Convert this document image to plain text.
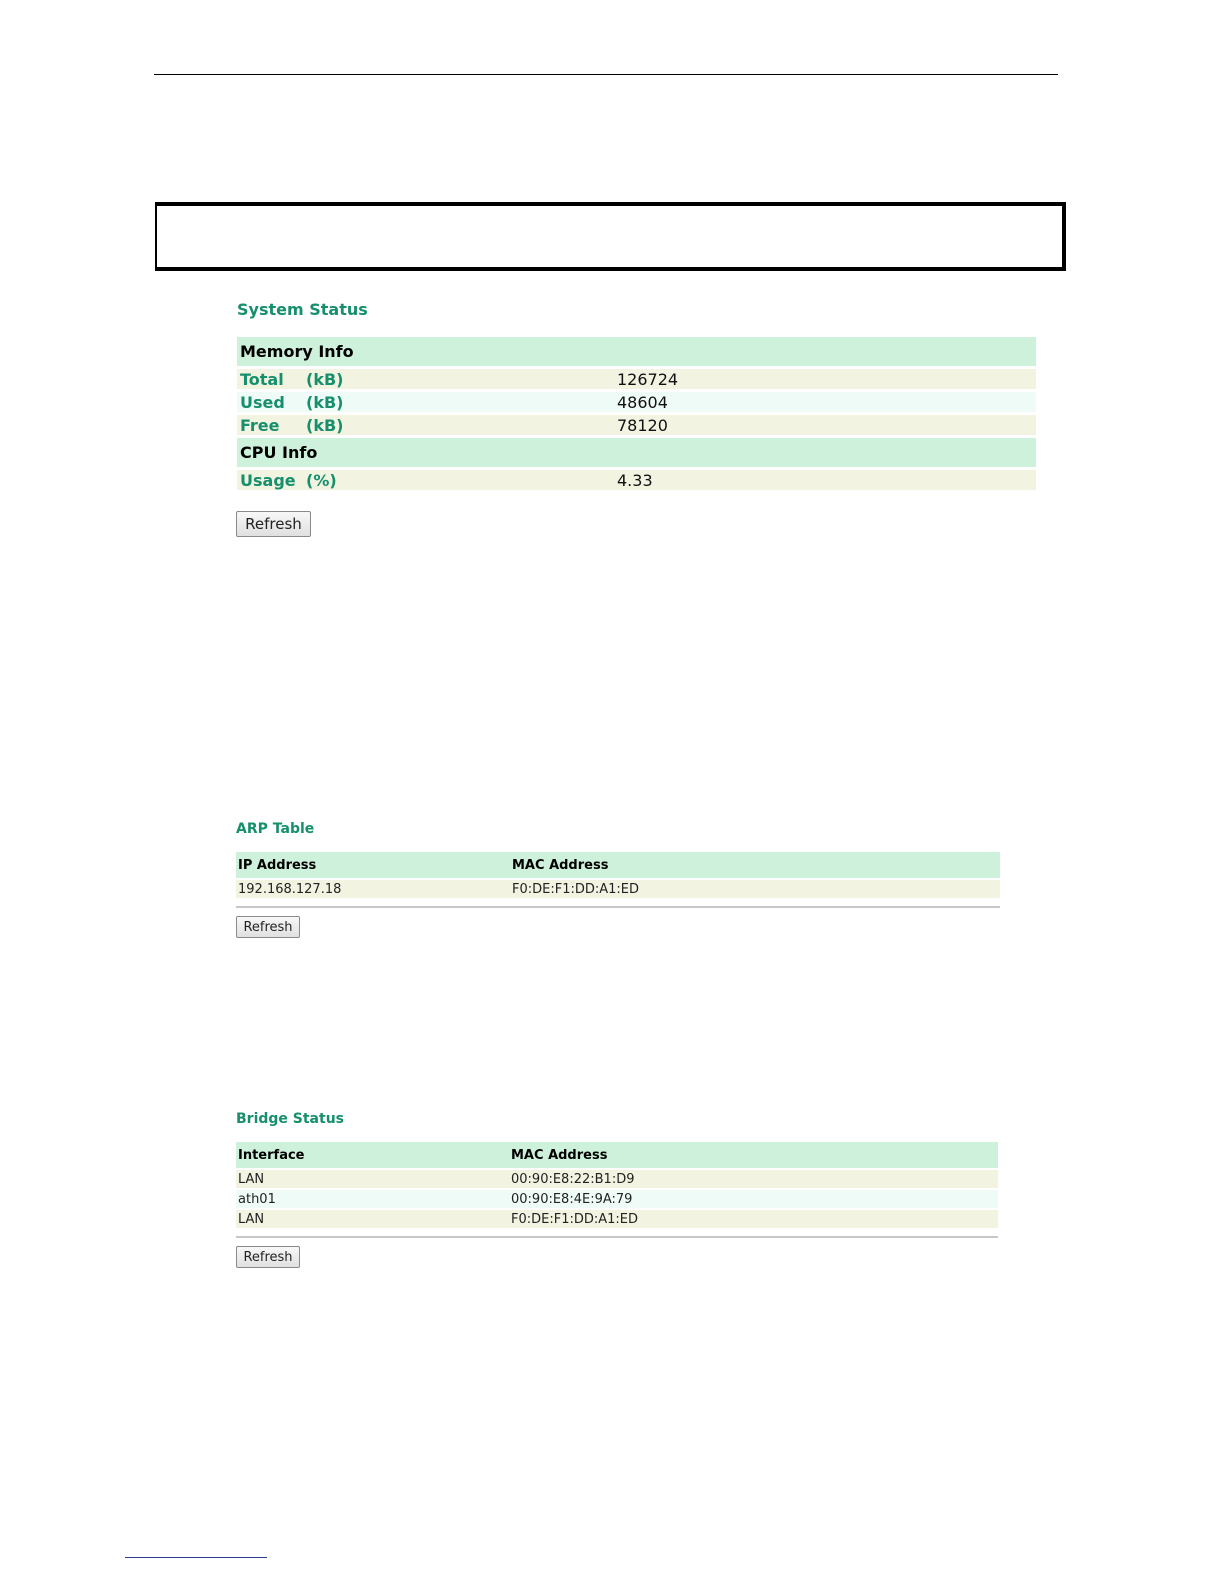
System Status
Memory Info		
Total	(kB)	126724
Used	(kB)	48604
Free	(kB)	78120
CPU Info		
Usage	(%)	4.33
Refresh
ARP Table
IP Address	MAC Address
192.168.127.18	F0:DE:F1:DD:A1:ED
Refresh
Bridge Status
Interface	MAC Address
LAN	00:90:E8:22:B1:D9
ath01	00:90:E8:4E:9A:79
LAN	F0:DE:F1:DD:A1:ED
Refresh
